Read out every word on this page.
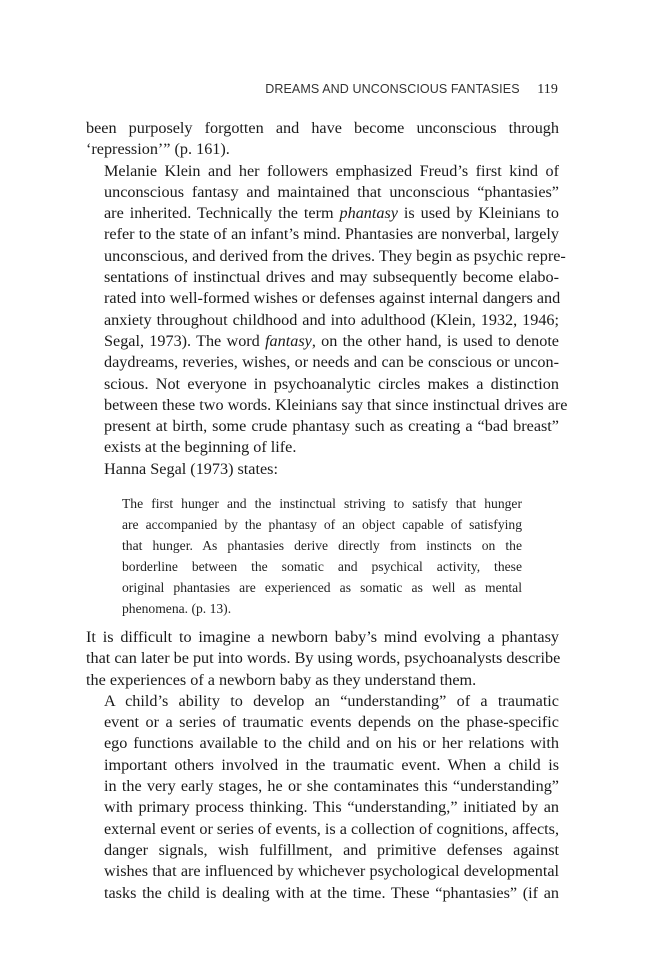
DREAMS AND UNCONSCIOUS FANTASIES 119

been purposely forgotten and have become unconscious through
‘repression’” (p. 161).

Melanie Klein and her followers emphasized Freud’s first kind of
unconscious fantasy and maintained that unconscious “phantasies”
are inherited. Technically the term phantasy is used by Kleinians to
refer to the state of an infant’s mind. Phantasies are nonverbal, largely
unconscious, and derived from the drives. They begin as psychic repre-
sentations of instinctual drives and may subsequently become elabo-
rated into well-formed wishes or defenses against internal dangers and
anxiety throughout childhood and into adulthood (Klein, 1932, 1946;
Segal, 1973). The word fantasy, on the other hand, is used to denote
daydreams, reveries, wishes, or needs and can be conscious or uncon-
scious. Not everyone in psychoanalytic circles makes a distinction
between these two words. Kleinians say that since instinctual drives are
present at birth, some crude phantasy such as creating a “bad breast”
exists at the beginning of life.

Hanna Segal (1973) states:

The first hunger and the instinctual striving to satisfy that hunger
are accompanied by the phantasy of an object capable of satisfying
that hunger. As phantasies derive directly from instincts on the
borderline between the somatic and psychical activity, these
original phantasies are experienced as somatic as well as mental
phenomena. (p. 13).

It is difficult to imagine a newborn baby’s mind evolving a phantasy
that can later be put into words. By using words, psychoanalysts describe
the experiences of a newborn baby as they understand them.

A child’s ability to develop an “understanding” of a traumatic
event or a series of traumatic events depends on the phase-specific
ego functions available to the child and on his or her relations with
important others involved in the traumatic event. When a child is
in the very early stages, he or she contaminates this “understanding”
with primary process thinking. This “understanding,” initiated by an
external event or series of events, is a collection of cognitions, affects,
danger signals, wish fulfillment, and primitive defenses against
wishes that are influenced by whichever psychological developmental
tasks the child is dealing with at the time. These “phantasies” (if an
